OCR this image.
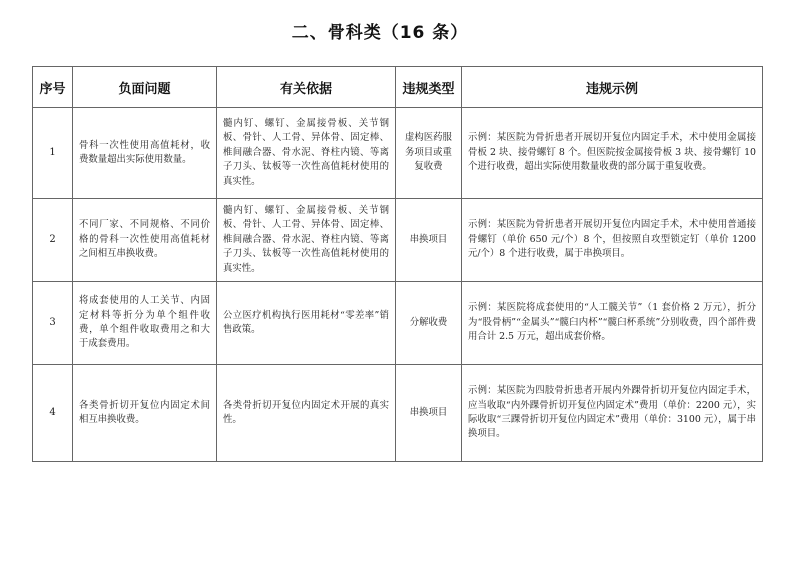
二、骨科类（16 条）
序号	负面问题	有关依据	违规类型	违规示例
1	骨科一次性使用高值耗材，收费数量超出实际使用数量。	髓内钉、螺钉、金属接骨板、关节钢板、骨针、人工骨、异体骨、固定棒、椎间融合器、骨水泥、脊柱内镜、等离子刀头、钛板等一次性高值耗材使用的真实性。	虚构医药服务项目或重复收费	示例：某医院为骨折患者开展切开复位内固定手术，术中使用金属接骨板 2 块、接骨螺钉 8 个。但医院按金属接骨板 3 块、接骨螺钉 10 个进行收费，超出实际使用数量收费的部分属于重复收费。
2	不同厂家、不同规格、不同价格的骨科一次性使用高值耗材之间相互串换收费。	髓内钉、螺钉、金属接骨板、关节钢板、骨针、人工骨、异体骨、固定棒、椎间融合器、骨水泥、脊柱内镜、等离子刀头、钛板等一次性高值耗材使用的真实性。	串换项目	示例：某医院为骨折患者开展切开复位内固定手术，术中使用普通接骨螺钉（单价 650 元/个）8 个，但按照自攻型锁定钉（单价 1200 元/个）8 个进行收费，属于串换项目。
3	将成套使用的人工关节、内固定材料等折分为单个组件收费，单个组件收取费用之和大于成套费用。	公立医疗机构执行医用耗材“零差率”销售政策。	分解收费	示例：某医院将成套使用的“人工髋关节”（1 套价格 2 万元），折分为“股骨柄”“金属头”“髋臼内杯”“髋臼杯系统”分别收费，四个部件费用合计 2.5 万元，超出成套价格。
4	各类骨折切开复位内固定术间相互串换收费。	各类骨折切开复位内固定术开展的真实性。	串换项目	示例：某医院为四肢骨折患者开展内外踝骨折切开复位内固定手术，应当收取“内外踝骨折切开复位内固定术”费用（单价：2200 元），实际收取“三踝骨折切开复位内固定术”费用（单价：3100 元），属于串换项目。
